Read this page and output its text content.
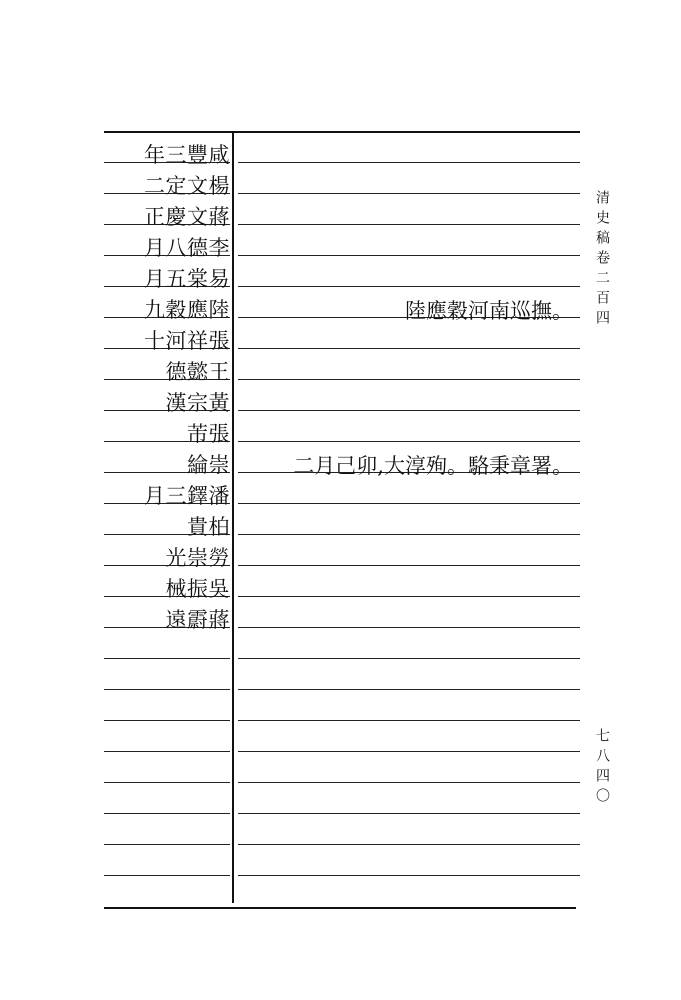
清史稿卷二百四
七八四〇
年三豐咸
二定文楊
正慶文蔣
月八德李
月五棠易
九穀應陸
十河祥張
德懿王
漢宗黃
芾張
綸崇
月三鐸潘
貴柏
光崇勞
械振吳
遠霨蔣
陸應穀河南巡撫。
二月己卯,大淳殉。駱秉章署。
